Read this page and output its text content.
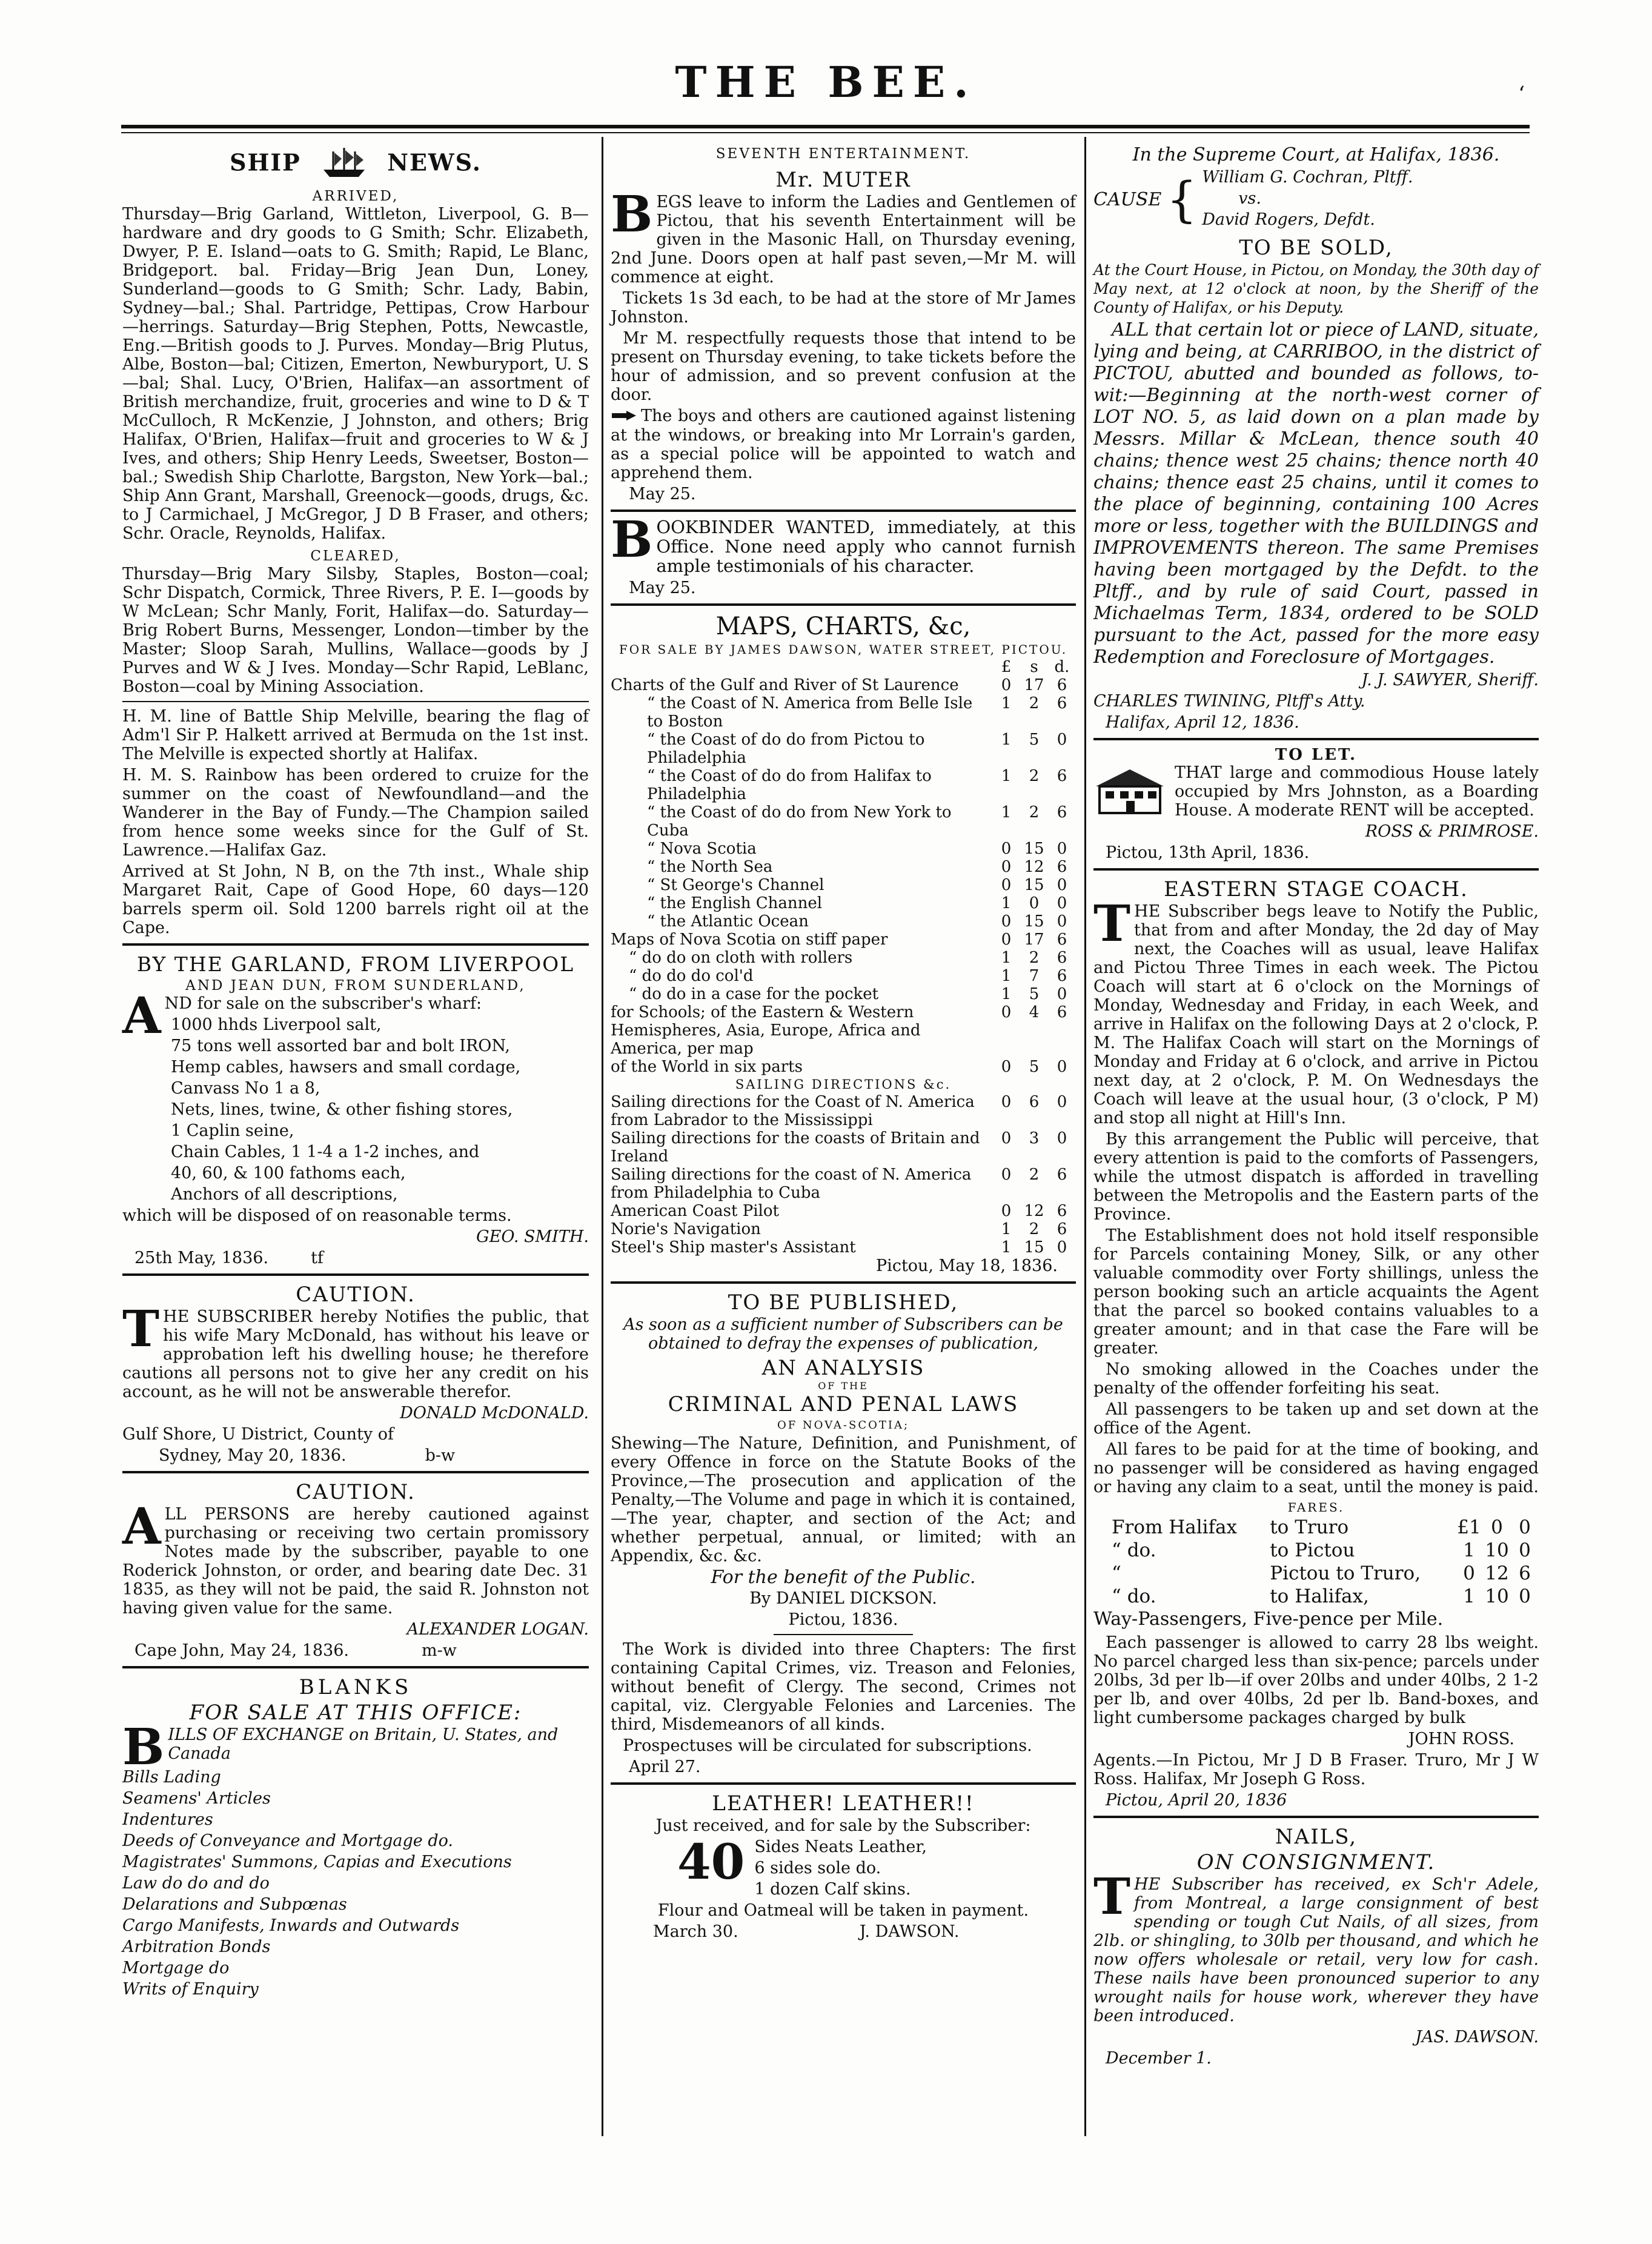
THE BEE.	ʻ
SHIP	NEWS.
ARRIVED,

Thursday—Brig Garland, Wittleton, Liverpool, G. B—hardware and dry goods to G Smith; Schr. Elizabeth, Dwyer, P. E. Island—oats to G. Smith; Rapid, Le Blanc, Bridgeport. bal. Friday—Brig Jean Dun, Loney, Sunderland—goods to G Smith; Schr. Lady, Babin, Sydney—bal.; Shal. Partridge, Pettipas, Crow Harbour—herrings. Saturday—Brig Stephen, Potts, Newcastle, Eng.—British goods to J. Purves. Monday—Brig Plutus, Albe, Boston—bal; Citizen, Emerton, Newburyport, U. S—bal; Shal. Lucy, O'Brien, Halifax—an assortment of British merchandize, fruit, groceries and wine to D & T McCulloch, R McKenzie, J Johnston, and others; Brig Halifax, O'Brien, Halifax—fruit and groceries to W & J Ives, and others; Ship Henry Leeds, Sweetser, Boston—bal.; Swedish Ship Charlotte, Bargston, New York—bal.; Ship Ann Grant, Marshall, Greenock—goods, drugs, &c. to J Carmichael, J McGregor, J D B Fraser, and others; Schr. Oracle, Reynolds, Halifax.

CLEARED,

Thursday—Brig Mary Silsby, Staples, Boston—coal; Schr Dispatch, Cormick, Three Rivers, P. E. I—goods by W McLean; Schr Manly, Forit, Halifax—do. Saturday—Brig Robert Burns, Messenger, London—timber by the Master; Sloop Sarah, Mullins, Wallace—goods by J Purves and W & J Ives. Monday—Schr Rapid, LeBlanc, Boston—coal by Mining Association.

H. M. line of Battle Ship Melville, bearing the flag of Adm'l Sir P. Halkett arrived at Bermuda on the 1st inst. The Melville is expected shortly at Halifax.

H. M. S. Rainbow has been ordered to cruize for the summer on the coast of Newfoundland—and the Wanderer in the Bay of Fundy.—The Champion sailed from hence some weeks since for the Gulf of St. Lawrence.—Halifax Gaz.

Arrived at St John, N B, on the 7th inst., Whale ship Margaret Rait, Cape of Good Hope, 60 days—120 barrels sperm oil. Sold 1200 barrels right oil at the Cape.

BY THE GARLAND, FROM LIVERPOOL
AND JEAN DUN, FROM SUNDERLAND,

AND for sale on the subscriber's wharf:

1000 hhds Liverpool salt,

75 tons well assorted bar and bolt IRON,

Hemp cables, hawsers and small cordage,

Canvass No 1 a 8,

Nets, lines, twine, & other fishing stores,

1 Caplin seine,

Chain Cables, 1 1-4 a 1-2 inches, and

40, 60, & 100 fathoms each,

Anchors of all descriptions,

which will be disposed of on reasonable terms.

GEO. SMITH.

25th May, 1836.	tf

CAUTION.

THE SUBSCRIBER hereby Notifies the public, that his wife Mary McDonald, has without his leave or approbation left his dwelling house; he therefore cautions all persons not to give her any credit on his account, as he will not be answerable therefor.

DONALD McDONALD.

Gulf Shore, U District, County of

Sydney, May 20, 1836.	b-w

CAUTION.

ALL PERSONS are hereby cautioned against purchasing or receiving two certain promissory Notes made by the subscriber, payable to one Roderick Johnston, or order, and bearing date Dec. 31 1835, as they will not be paid, the said R. Johnston not having given value for the same.

ALEXANDER LOGAN.

Cape John, May 24, 1836.	m-w

BLANKS
FOR SALE AT THIS OFFICE:

BILLS OF EXCHANGE on Britain, U. States, and Canada

Bills Lading

Seamens' Articles

Indentures

Deeds of Conveyance and Mortgage do.

Magistrates' Summons, Capias and Executions

Law do do and do

Delarations and Subpœnas

Cargo Manifests, Inwards and Outwards

Arbitration Bonds

Mortgage do

Writs of Enquiry

SEVENTH ENTERTAINMENT.
Mr. MUTER

BEGS leave to inform the Ladies and Gentlemen of Pictou, that his seventh Entertainment will be given in the Masonic Hall, on Thursday evening, 2nd June. Doors open at half past seven,—Mr M. will commence at eight.

Tickets 1s 3d each, to be had at the store of Mr James Johnston.

Mr M. respectfully requests those that intend to be present on Thursday evening, to take tickets before the hour of admission, and so prevent confusion at the door.

The boys and others are cautioned against listening at the windows, or breaking into Mr Lorrain's garden, as a special police will be appointed to watch and apprehend them.

May 25.

BOOKBINDER WANTED, immediately, at this Office. None need apply who cannot furnish ample testimonials of his character.

May 25.

MAPS, CHARTS, &c,
FOR SALE BY JAMES DAWSON, WATER STREET, PICTOU.
	£	s	d.
Charts of the Gulf and River of St Laurence	0	17	6
“ the Coast of N. America from Belle Isle to Boston	1	2	6
“ the Coast of do do from Pictou to Philadelphia	1	5	0
“ the Coast of do do from Halifax to Philadelphia	1	2	6
“ the Coast of do do from New York to Cuba	1	2	6
“ Nova Scotia	0	15	0
“ the North Sea	0	12	6
“ St George's Channel	0	15	0
“ the English Channel	1	0	0
“ the Atlantic Ocean	0	15	0
Maps of Nova Scotia on stiff paper	0	17	6
“ do do on cloth with rollers	1	2	6
“ do do do col'd	1	7	6
“ do do in a case for the pocket	1	5	0
for Schools; of the Eastern & Western Hemispheres, Asia, Europe, Africa and America, per map	0	4	6
of the World in six parts	0	5	0
SAILING DIRECTIONS &c.
Sailing directions for the Coast of N. America from Labrador to the Mississippi	0	6	0
Sailing directions for the coasts of Britain and Ireland	0	3	0
Sailing directions for the coast of N. America from Philadelphia to Cuba	0	2	6
American Coast Pilot	0	12	6
Norie's Navigation	1	2	6
Steel's Ship master's Assistant	1	15	0

Pictou, May 18, 1836.

TO BE PUBLISHED,

As soon as a sufficient number of Subscribers can be obtained to defray the expenses of publication,

AN ANALYSIS
OF THE
CRIMINAL AND PENAL LAWS
OF NOVA-SCOTIA;

Shewing—The Nature, Definition, and Punishment, of every Offence in force on the Statute Books of the Province,—The prosecution and application of the Penalty,—The Volume and page in which it is contained,—The year, chapter, and section of the Act; and whether perpetual, annual, or limited; with an Appendix, &c. &c.

For the benefit of the Public.

By DANIEL DICKSON.

Pictou, 1836.

The Work is divided into three Chapters: The first containing Capital Crimes, viz. Treason and Felonies, without benefit of Clergy. The second, Crimes not capital, viz. Clergyable Felonies and Larcenies. The third, Misdemeanors of all kinds.

Prospectuses will be circulated for subscriptions.

April 27.

LEATHER! LEATHER!!

Just received, and for sale by the Subscriber:

40 Sides Neats Leather,

6 sides sole do.

1 dozen Calf skins.

Flour and Oatmeal will be taken in payment.

March 30.	J. DAWSON.

In the Supreme Court, at Halifax, 1836.

CAUSE { William G. Cochran, Pltff.

vs.

David Rogers, Defdt.

TO BE SOLD,

At the Court House, in Pictou, on Monday, the 30th day of May next, at 12 o'clock at noon, by the Sheriff of the County of Halifax, or his Deputy.

ALL that certain lot or piece of LAND, situate, lying and being, at CARRIBOO, in the district of PICTOU, abutted and bounded as follows, to-wit:—Beginning at the north-west corner of LOT NO. 5, as laid down on a plan made by Messrs. Millar & McLean, thence south 40 chains; thence west 25 chains; thence north 40 chains; thence east 25 chains, until it comes to the place of beginning, containing 100 Acres more or less, together with the BUILDINGS and IMPROVEMENTS thereon. The same Premises having been mortgaged by the Defdt. to the Pltff., and by rule of said Court, passed in Michaelmas Term, 1834, ordered to be SOLD pursuant to the Act, passed for the more easy Redemption and Foreclosure of Mortgages.

J. J. SAWYER, Sheriff.

CHARLES TWINING, Pltff's Atty.

Halifax, April 12, 1836.

TO LET.

THAT large and commodious House lately occupied by Mrs Johnston, as a Boarding House. A moderate RENT will be accepted.

ROSS & PRIMROSE.

Pictou, 13th April, 1836.

EASTERN STAGE COACH.

THE Subscriber begs leave to Notify the Public, that from and after Monday, the 2d day of May next, the Coaches will as usual, leave Halifax and Pictou Three Times in each week. The Pictou Coach will start at 6 o'clock on the Mornings of Monday, Wednesday and Friday, in each Week, and arrive in Halifax on the following Days at 2 o'clock, P. M. The Halifax Coach will start on the Mornings of Monday and Friday at 6 o'clock, and arrive in Pictou next day, at 2 o'clock, P. M. On Wednesdays the Coach will leave at the usual hour, (3 o'clock, P M) and stop all night at Hill's Inn.

By this arrangement the Public will perceive, that every attention is paid to the comforts of Passengers, while the utmost dispatch is afforded in travelling between the Metropolis and the Eastern parts of the Province.

The Establishment does not hold itself responsible for Parcels containing Money, Silk, or any other valuable commodity over Forty shillings, unless the person booking such an article acquaints the Agent that the parcel so booked contains valuables to a greater amount; and in that case the Fare will be greater.

No smoking allowed in the Coaches under the penalty of the offender forfeiting his seat.

All passengers to be taken up and set down at the office of the Agent.

All fares to be paid for at the time of booking, and no passenger will be considered as having engaged or having any claim to a seat, until the money is paid.

FARES.
From Halifax	to Truro	£1	0	0
“ do.	to Pictou	1	10	0
“	Pictou to Truro,	0	12	6
“ do.	to Halifax,	1	10	0

Way-Passengers, Five-pence per Mile.

Each passenger is allowed to carry 28 lbs weight. No parcel charged less than six-pence; parcels under 20lbs, 3d per lb—if over 20lbs and under 40lbs, 2 1-2 per lb, and over 40lbs, 2d per lb. Band-boxes, and light cumbersome packages charged by bulk

JOHN ROSS.

Agents.—In Pictou, Mr J D B Fraser. Truro, Mr J W Ross. Halifax, Mr Joseph G Ross.

Pictou, April 20, 1836

NAILS,
ON CONSIGNMENT.

THE Subscriber has received, ex Sch'r Adele, from Montreal, a large consignment of best spending or tough Cut Nails, of all sizes, from 2lb. or shingling, to 30lb per thousand, and which he now offers wholesale or retail, very low for cash. These nails have been pronounced superior to any wrought nails for house work, wherever they have been introduced.

JAS. DAWSON.

December 1.
